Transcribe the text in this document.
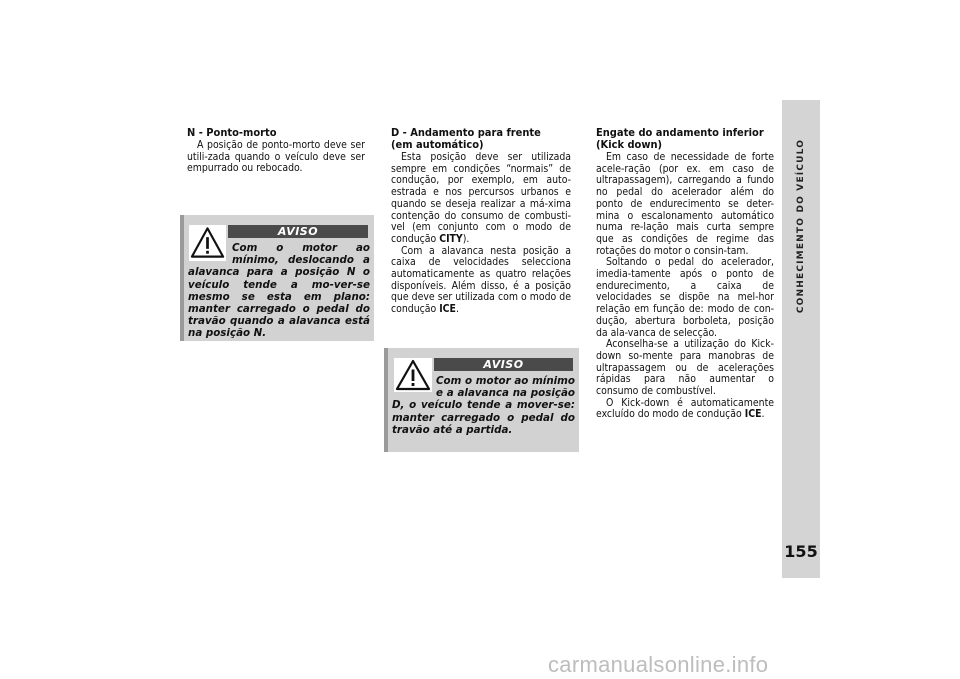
N - Ponto-morto

A posição de ponto-morto deve ser utili-zada quando o veículo deve ser empurrado ou rebocado.

AVISO
Com o motor ao mínimo, deslocando a alavanca para a posição N o veículo tende a mo-ver-se mesmo se esta em plano: manter carregado o pedal do travão quando a alavanca está na posição N.
D - Andamento para frente
(em automático)

Esta posição deve ser utilizada sempre em condições “normais” de condução, por exemplo, em auto-estrada e nos percursos urbanos e quando se deseja realizar a má-xima contenção do consumo de combusti-vel (em conjunto com o modo de condução CITY).

Com a alavanca nesta posição a caixa de velocidades selecciona automaticamente as quatro relações disponíveis. Além disso, é a posição que deve ser utilizada com o modo de condução ICE.

AVISO
Com o motor ao mínimo e a alavanca na posição D, o veículo tende a mover-se: manter carregado o pedal do travão até a partida.
Engate do andamento inferior
(Kick down)

Em caso de necessidade de forte acele-ração (por ex. em caso de ultrapassagem), carregando a fundo no pedal do acelerador além do ponto de endurecimento se deter-mina o escalonamento automático numa re-lação mais curta sempre que as condições de regime das rotações do motor o consin-tam.

Soltando o pedal do acelerador, imedia-tamente após o ponto de endurecimento, a caixa de velocidades se dispõe na mel-hor relação em função de: modo de con-dução, abertura borboleta, posição da ala-vanca de selecção.

Aconselha-se a utilização do Kick-down so-mente para manobras de ultrapassagem ou de acelerações rápidas para não aumentar o consumo de combustível.

O Kick-down é automaticamente excluído do modo de condução ICE.

CONHECIMENTO DO VEÍCULO
155
carmanualsonline.info
